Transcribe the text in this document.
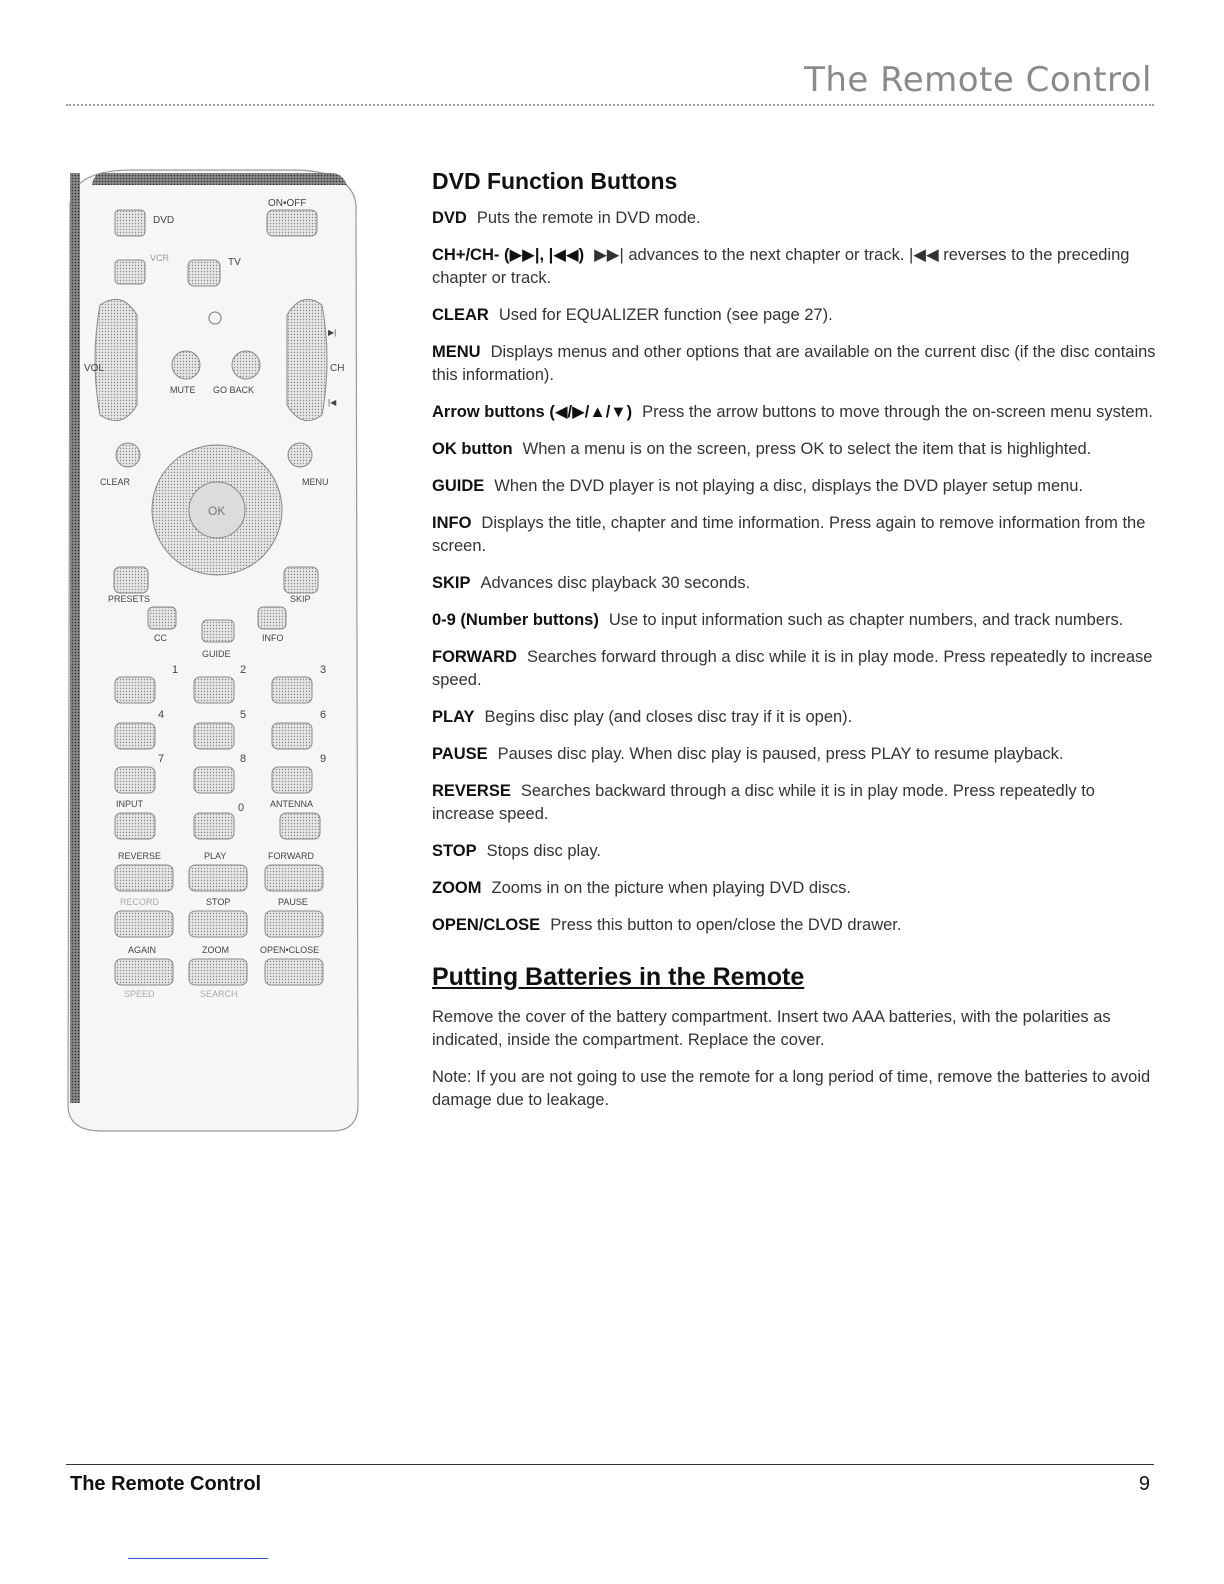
The Remote Control
DVD
ON•OFF
VCR	TV
VOL	CH
▶|
|◀
MUTE GO BACK
CLEAR	MENU
OK
PRESETS	SKIP
CC
GUIDE
INFO
1	2	3
4	5	6
7	8	9
INPUT	0	ANTENNA
REVERSE	PLAY	FORWARD
RECORD	STOP	PAUSE
AGAIN	ZOOM	OPEN•CLOSE
SPEED	SEARCH
DVD Function Buttons

DVD Puts the remote in DVD mode.

CH+/CH- (▶▶|, |◀◀) ▶▶| advances to the next chapter or track. |◀◀ reverses to the preceding chapter or track.

CLEAR Used for EQUALIZER function (see page 27).

MENU Displays menus and other options that are available on the current disc (if the disc contains this information).

Arrow buttons (◀/▶/▲/▼) Press the arrow buttons to move through the on-screen menu system.

OK button When a menu is on the screen, press OK to select the item that is highlighted.

GUIDE When the DVD player is not playing a disc, displays the DVD player setup menu.

INFO Displays the title, chapter and time information. Press again to remove information from the screen.

SKIP Advances disc playback 30 seconds.

0-9 (Number buttons) Use to input information such as chapter numbers, and track numbers.

FORWARD Searches forward through a disc while it is in play mode. Press repeatedly to increase speed.

PLAY Begins disc play (and closes disc tray if it is open).

PAUSE Pauses disc play. When disc play is paused, press PLAY to resume playback.

REVERSE Searches backward through a disc while it is in play mode. Press repeatedly to increase speed.

STOP Stops disc play.

ZOOM Zooms in on the picture when playing DVD discs.

OPEN/CLOSE Press this button to open/close the DVD drawer.

Putting Batteries in the Remote

Remove the cover of the battery compartment. Insert two AAA batteries, with the polarities as indicated, inside the compartment. Replace the cover.

Note: If you are not going to use the remote for a long period of time, remove the batteries to avoid damage due to leakage.

The Remote Control	9
